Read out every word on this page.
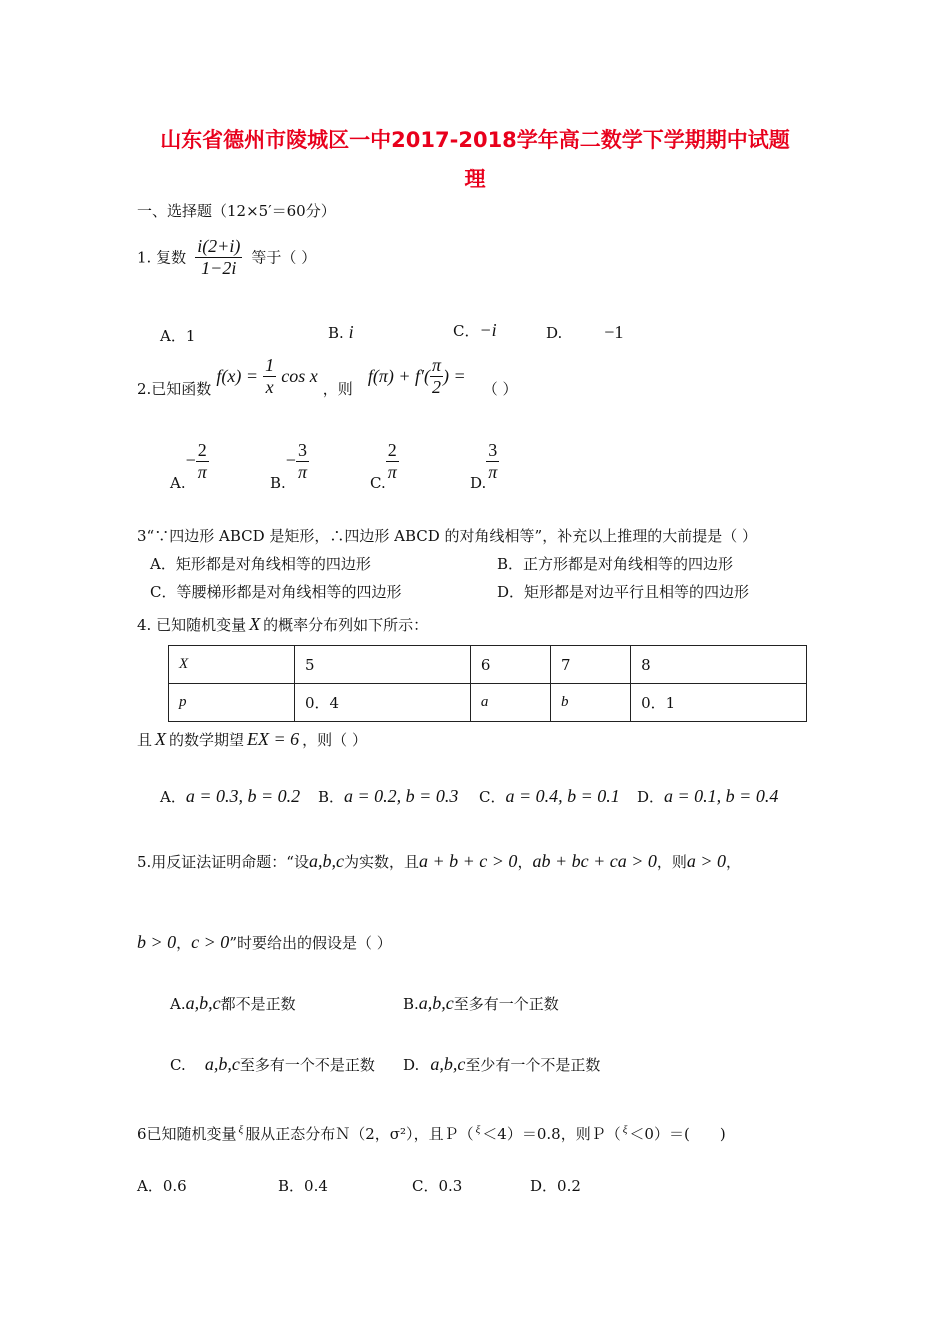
山东省德州市陵城区一中2017-2018学年高二数学下学期期中试题
理
一、选择题（12×5′＝60分）
1. 复数 $\frac{i(2+i)}{1-2i}$ 等于（ ）
A．1	B. i	C．−i	D. −1
2.已知函数 $f(x) = \frac{1}{x}$ cos x ，则 $f(\pi) + f'( \frac{\pi}{2}$ ) = （ ）
$A.- \frac{2}{\pi}$	$B.- \frac{3}{\pi}$	C. $\frac{2}{\pi}$	D. $\frac{3}{\pi}$
3“∵四边形 ABCD 是矩形，∴四边形 ABCD 的对角线相等”，补充以上推理的大前提是（ ）
A．矩形都是对角线相等的四边形	B．正方形都是对角线相等的四边形
C．等腰梯形都是对角线相等的四边形	D．矩形都是对边平行且相等的四边形
4. 已知随机变量 X 的概率分布列如下所示：
X	5	6	7	8
p	0．4	a	b	0．1
且 X 的数学期望 EX = 6 ，则（ ）
A．a = 0.3, b = 0.2 B．a = 0.2, b = 0.3 C．a = 0.4, b = 0.1 D．a = 0.1, b = 0.4
5.用反证法证明命题：“设a,b,c为实数，且a + b + c > 0，ab + bc + ca > 0，则a > 0，
b > 0，c > 0”时要给出的假设是（ ）
A.a,b,c都不是正数	B.a,b,c至多有一个正数
C. a,b,c至多有一个不是正数 D. a,b,c至少有一个不是正数
6已知随机变量 $^\xi$ 服从正态分布Ｎ（2，σ²），且Ｐ（ $^\xi$ ＜4）＝0.8，则Ｐ（ $^\xi$ ＜0）＝(　　)
A．0.6	B．0.4	C．0.3	D．0.2
